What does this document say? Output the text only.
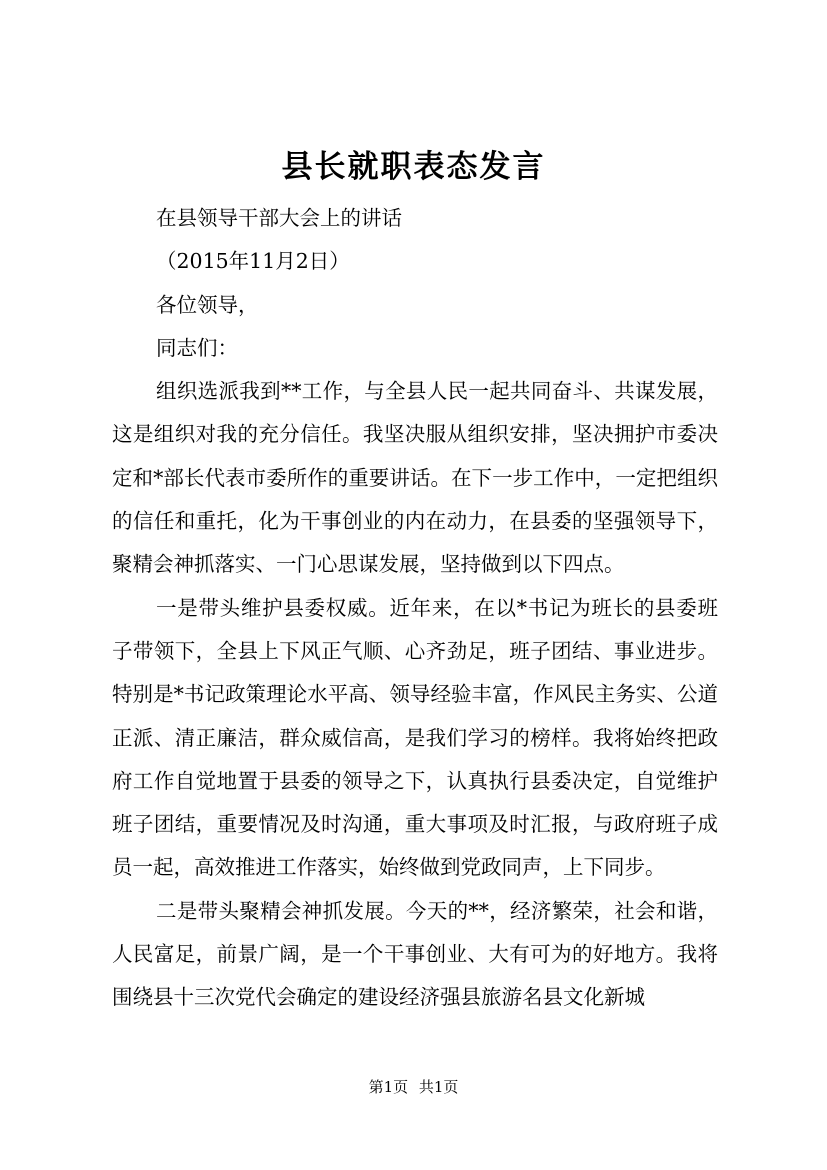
县长就职表态发言

在县领导干部大会上的讲话

（2015年11月2日）

各位领导，

同志们：

组织选派我到**工作，与全县人民一起共同奋斗、共谋发展，这是组织对我的充分信任。我坚决服从组织安排，坚决拥护市委决定和*部长代表市委所作的重要讲话。在下一步工作中，一定把组织的信任和重托，化为干事创业的内在动力，在县委的坚强领导下，聚精会神抓落实、一门心思谋发展，坚持做到以下四点。

一是带头维护县委权威。近年来，在以*书记为班长的县委班子带领下，全县上下风正气顺、心齐劲足，班子团结、事业进步。特别是*书记政策理论水平高、领导经验丰富，作风民主务实、公道正派、清正廉洁，群众威信高，是我们学习的榜样。我将始终把政府工作自觉地置于县委的领导之下，认真执行县委决定，自觉维护班子团结，重要情况及时沟通，重大事项及时汇报，与政府班子成员一起，高效推进工作落实，始终做到党政同声，上下同步。

二是带头聚精会神抓发展。今天的**，经济繁荣，社会和谐，人民富足，前景广阔，是一个干事创业、大有可为的好地方。我将围绕县十三次党代会确定的建设经济强县旅游名县文化新城

第1页 共1页
